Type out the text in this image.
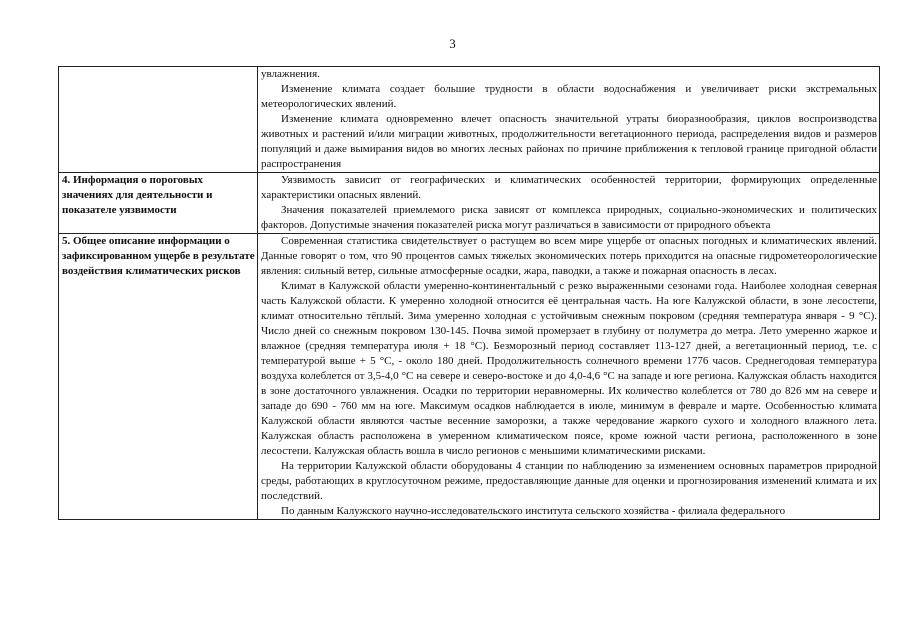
3

	увлажнения.

Изменение климата создает большие трудности в области водоснабжения и увеличивает риски экстремальных метеорологических явлений.

Изменение климата одновременно влечет опасность значительной утраты биоразнообразия, циклов воспроизводства животных и растений и/или миграции животных, продолжительности вегетационного периода, распределения видов и размеров популяций и даже вымирания видов во многих лесных районах по причине приближения к тепловой границе пригодной области распространения

4. Информация о пороговых значениях для деятельности и показателе уязвимости	Уязвимость зависит от географических и климатических особенностей территории, формирующих определенные характеристики опасных явлений.

Значения показателей приемлемого риска зависят от комплекса природных, социально-экономических и политических факторов. Допустимые значения показателей риска могут различаться в зависимости от природного объекта

5. Общее описание информации о зафиксированном ущербе в результате воздействия климатических рисков	Современная статистика свидетельствует о растущем во всем мире ущербе от опасных погодных и климатических явлений. Данные говорят о том, что 90 процентов самых тяжелых экономических потерь приходится на опасные гидрометеорологические явления: сильный ветер, сильные атмосферные осадки, жара, паводки, а также и пожарная опасность в лесах.

Климат в Калужской области умеренно-континентальный с резко выраженными сезонами года. Наиболее холодная северная часть Калужской области. К умеренно холодной относится её центральная часть. На юге Калужской области, в зоне лесостепи, климат относительно тёплый. Зима умеренно холодная с устойчивым снежным покровом (средняя температура января - 9 °С). Число дней со снежным покровом 130-145. Почва зимой промерзает в глубину от полуметра до метра. Лето умеренно жаркое и влажное (средняя температура июля + 18 °С). Безморозный период составляет 113-127 дней, а вегетационный период, т.е. с температурой выше + 5 °С, - около 180 дней. Продолжительность солнечного времени 1776 часов. Среднегодовая температура воздуха колеблется от 3,5-4,0 °С на севере и северо-востоке и до 4,0-4,6 °С на западе и юге региона. Калужская область находится в зоне достаточного увлажнения. Осадки по территории неравномерны. Их количество колеблется от 780 до 826 мм на севере и западе до 690 - 760 мм на юге. Максимум осадков наблюдается в июле, минимум в феврале и марте. Особенностью климата Калужской области являются частые весенние заморозки, а также чередование жаркого сухого и холодного влажного лета. Калужская область расположена в умеренном климатическом поясе, кроме южной части региона, расположенного в зоне лесостепи. Калужская область вошла в число регионов с меньшими климатическими рисками.

На территории Калужской области оборудованы 4 станции по наблюдению за изменением основных параметров природной среды, работающих в круглосуточном режиме, предоставляющие данные для оценки и прогнозирования изменений климата и их последствий.

По данным Калужского научно-исследовательского института сельского хозяйства - филиала федерального
